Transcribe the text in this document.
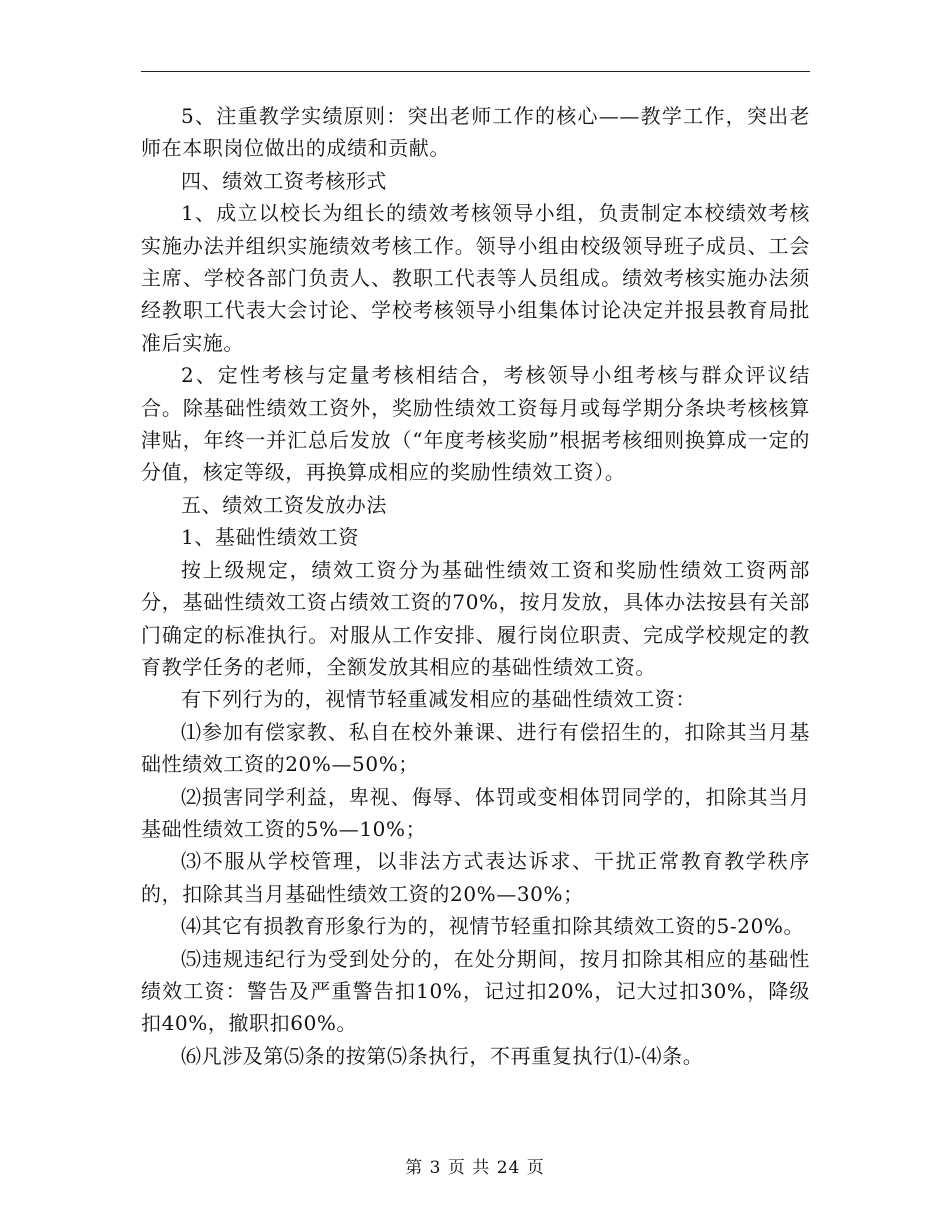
5、注重教学实绩原则：突出老师工作的核心——教学工作，突出老师在本职岗位做出的成绩和贡献。

四、绩效工资考核形式

1、成立以校长为组长的绩效考核领导小组，负责制定本校绩效考核实施办法并组织实施绩效考核工作。领导小组由校级领导班子成员、工会主席、学校各部门负责人、教职工代表等人员组成。绩效考核实施办法须经教职工代表大会讨论、学校考核领导小组集体讨论决定并报县教育局批准后实施。

2、定性考核与定量考核相结合，考核领导小组考核与群众评议结合。除基础性绩效工资外，奖励性绩效工资每月或每学期分条块考核核算津贴，年终一并汇总后发放（“年度考核奖励”根据考核细则换算成一定的分值，核定等级，再换算成相应的奖励性绩效工资）。

五、绩效工资发放办法

1、基础性绩效工资

按上级规定，绩效工资分为基础性绩效工资和奖励性绩效工资两部分，基础性绩效工资占绩效工资的70%，按月发放，具体办法按县有关部门确定的标准执行。对服从工作安排、履行岗位职责、完成学校规定的教育教学任务的老师，全额发放其相应的基础性绩效工资。

有下列行为的，视情节轻重减发相应的基础性绩效工资：

⑴参加有偿家教、私自在校外兼课、进行有偿招生的，扣除其当月基础性绩效工资的20%—50%；

⑵损害同学利益，卑视、侮辱、体罚或变相体罚同学的，扣除其当月基础性绩效工资的5%—10%；

⑶不服从学校管理，以非法方式表达诉求、干扰正常教育教学秩序的，扣除其当月基础性绩效工资的20%—30%；

⑷其它有损教育形象行为的，视情节轻重扣除其绩效工资的5-20%。

⑸违规违纪行为受到处分的，在处分期间，按月扣除其相应的基础性绩效工资：警告及严重警告扣10%，记过扣20%，记大过扣30%，降级扣40%，撤职扣60%。

⑹凡涉及第⑸条的按第⑸条执行，不再重复执行⑴-⑷条。

第 3 页 共 24 页
